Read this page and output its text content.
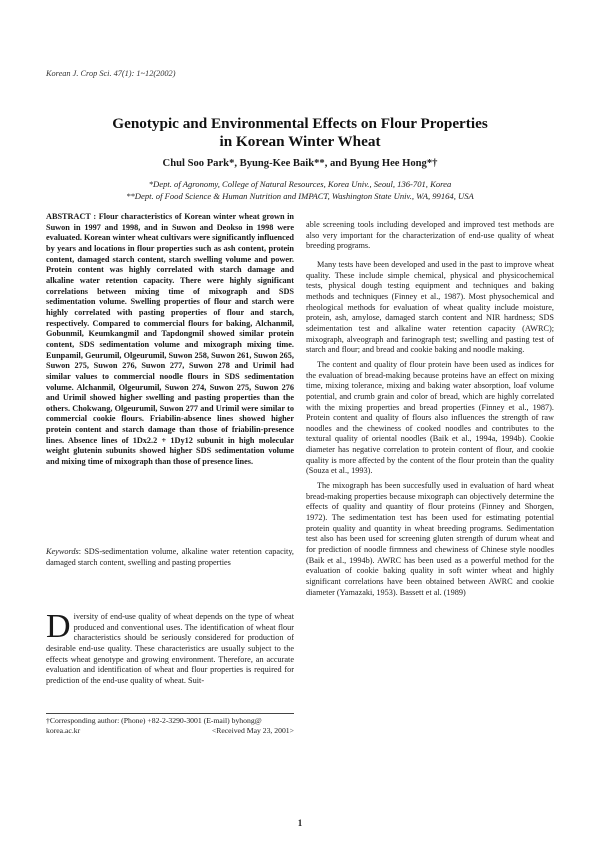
Korean J. Crop Sci. 47(1): 1~12(2002)
Genotypic and Environmental Effects on Flour Properties
in Korean Winter Wheat
Chul Soo Park*, Byung-Kee Baik**, and Byung Hee Hong*†
*Dept. of Agronomy, College of Natural Resources, Korea Univ., Seoul, 136-701, Korea
**Dept. of Food Science & Human Nutrition and IMPACT, Washington State Univ., WA, 99164, USA
ABSTRACT : Flour characteristics of Korean winter wheat grown in Suwon in 1997 and 1998, and in Suwon and Deokso in 1998 were evaluated. Korean winter wheat cultivars were significantly influenced by years and locations in flour properties such as ash content, protein content, damaged starch content, starch swelling volume and power. Protein content was highly correlated with starch damage and alkaline water retention capacity. There were highly significant correlations between mixing time of mixograph and SDS sedimentation volume. Swelling properties of flour and starch were highly correlated with pasting properties of flour and starch, respectively. Compared to commercial flours for baking, Alchanmil, Gobunmil, Keumkangmil and Tapdongmil showed similar protein content, SDS sedimentation volume and mixograph mixing time. Eunpamil, Geurumil, Olgeurumil, Suwon 258, Suwon 261, Suwon 265, Suwon 275, Suwon 276, Suwon 277, Suwon 278 and Urimil had similar values to commercial noodle flours in SDS sedimentation volume. Alchanmil, Olgeurumil, Suwon 274, Suwon 275, Suwon 276 and Urimil showed higher swelling and pasting properties than the others. Chokwang, Olgeurumil, Suwon 277 and Urimil were similar to commercial cookie flours. Friabilin-absence lines showed higher protein content and starch damage than those of friabilin-presence lines. Absence lines of 1Dx2.2 + 1Dy12 subunit in high molecular weight glutenin subunits showed higher SDS sedimentation volume and mixing time of mixograph than those of presence lines.
Keywords: SDS-sedimentation volume, alkaline water retention capacity, damaged starch content, swelling and pasting properties
Diversity of end-use quality of wheat depends on the type of wheat produced and conventional uses. The identification of wheat flour characteristics should be seriously considered for production of desirable end-use quality. These characteristics are usually subject to the effects wheat genotype and growing environment. Therefore, an accurate evaluation and identification of wheat and flour properties is required for prediction of the end-use quality of wheat. Suit-
†Corresponding author: (Phone) +82-2-3290-3001 (E-mail) byhong@
korea.ac.kr	<Received May 23, 2001>

able screening tools including developed and improved test methods are also very important for the characterization of end-use quality of wheat breeding programs.

Many tests have been developed and used in the past to improve wheat quality. These include simple chemical, physical and physicochemical tests, physical dough testing equipment and techniques and baking methods and techniques (Finney et al., 1987). Most physochemical and rheological methods for evaluation of wheat quality include moisture, protein, ash, amylose, damaged starch content and NIR hardness; SDS sdeimentation test and alkaline water retention capacity (AWRC); mixograph, alveograph and farinograph test; swelling and pasting test of starch and flour; and bread and cookie baking and noodle making.

The content and quality of flour protein have been used as indices for the evaluation of bread-making because proteins have an effect on mixing time, mixing tolerance, mixing and baking water absorption, loaf volume potential, and crumb grain and color of bread, which are highly correlated with the mixing properties and bread properties (Finney et al., 1987). Protein content and quality of flours also influences the strength of raw noodles and the chewiness of cooked noodles and contributes to the textural quality of oriental noodles (Baik et al., 1994a, 1994b). Cookie diameter has negative correlation to protein content of flour, and cookie quality is more affected by the content of the flour protein than the quality (Souza et al., 1993).

The mixograph has been succesfully used in evaluation of hard wheat bread-making properties because mixograph can objectively determine the effects of quality and quantity of flour proteins (Finney and Shorgen, 1972). The sedimentation test has been used for estimating potential protein quality and quantity in wheat breeding programs. Sedimentation test also has been used for screening gluten strength of durum wheat and for prediction of noodle firmness and chewiness of Chinese style noodles (Baik et al., 1994b). AWRC has been used as a powerful method for the evaluation of cookie baking quality in soft winter wheat and highly significant correlations have been obtained between AWRC and cookie diameter (Yamazaki, 1953). Bassett et al. (1989)

1
